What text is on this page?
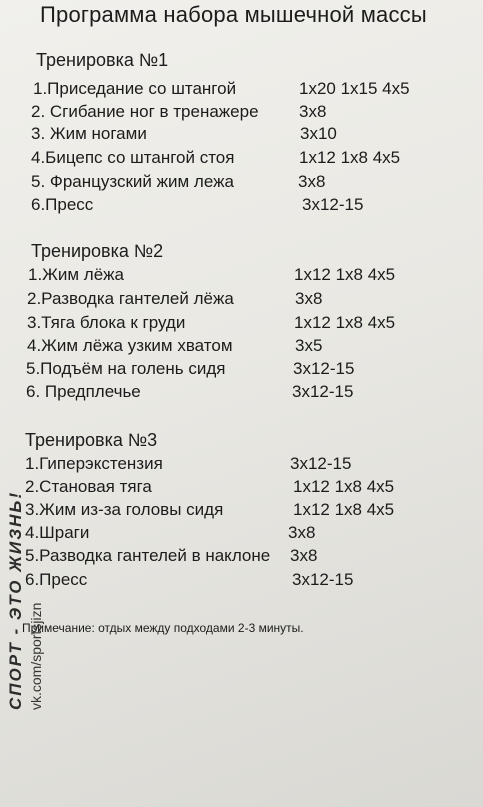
Программа набора мышечной массы
Тренировка №1
1.Приседание со штангой	1х20 1х15 4х5
2. Сгибание ног в тренажере 3х8
3. Жим ногами	3х10
4.Бицепс со штангой стоя	1х12 1х8 4х5
5. Французский жим лежа	3х8
6.Пресс	3х12-15
Тренировка №2
1.Жим лёжа	1х12 1х8 4х5
2.Разводка гантелей лёжа	3х8
3.Тяга блока к груди	1х12 1х8 4х5
4.Жим лёжа узким хватом	3х5
5.Подъём на голень сидя	3х12-15
6. Предплечье	3х12-15
Тренировка №3
1.Гиперэкстензия	3х12-15
2.Становая тяга	1х12 1х8 4х5
3.Жим из-за головы сидя	1х12 1х8 4х5
4.Шраги	3х8
5.Разводка гантелей в наклоне 3х8
6.Пресс	3х12-15
Примечание: отдых между подходами 2-3 минуты.
СПОРТ - ЭТО ЖИЗНЬ! vk.com/sportsjizn
